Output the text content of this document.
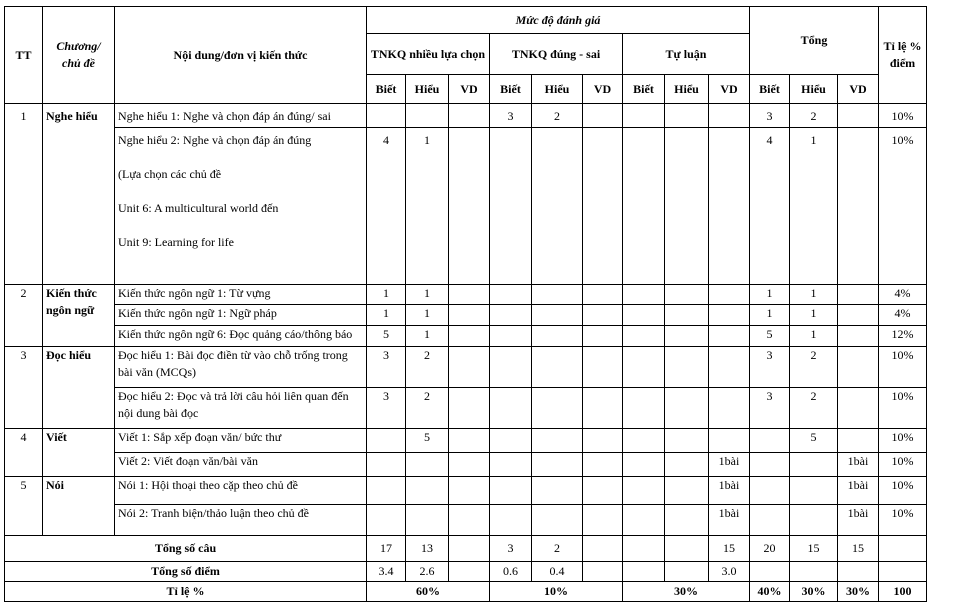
TT	Chương/ chủ đề	Nội dung/đơn vị kiến thức	Mức độ đánh giá									Tổng			Tỉ lệ % điểm
			TNKQ nhiều lựa chọn			TNKQ đúng - sai			Tự luận						
			Biết	Hiểu	VD	Biết	Hiểu	VD	Biết	Hiểu	VD	Biết	Hiểu	VD	
1	Nghe hiểu	Nghe hiểu 1: Nghe và chọn đáp án đúng/ sai				3	2					3	2		10%
		Nghe hiểu 2: Nghe và chọn đáp án đúng
(Lựa chọn các chủ đề
Unit 6: A multicultural world đến
Unit 9: Learning for life	4	1								4	1		10%
2	Kiến thức ngôn ngữ	Kiến thức ngôn ngữ 1: Từ vựng	1	1								1	1		4%
		Kiến thức ngôn ngữ 1: Ngữ pháp	1	1								1	1		4%
		Kiến thức ngôn ngữ 6: Đọc quảng cáo/thông báo	5	1								5	1		12%
3	Đọc hiểu	Đọc hiểu 1: Bài đọc điền từ vào chỗ trống trong bài văn (MCQs)	3	2								3	2		10%
		Đọc hiểu 2: Đọc và trả lời câu hỏi liên quan đến nội dung bài đọc	3	2								3	2		10%
4	Viết	Viết 1: Sắp xếp đoạn văn/ bức thư		5									5		10%
		Viết 2: Viết đoạn văn/bài văn									1bài			1bài	10%
5	Nói	Nói 1: Hội thoại theo cặp theo chủ đề									1bài			1bài	10%
		Nói 2: Tranh biện/thảo luận theo chủ đề									1bài			1bài	10%
Tổng số câu			17	13		3	2				15	20	15	15	
Tổng số điểm			3.4	2.6		0.6	0.4				3.0				
Tỉ lệ %			60%			10%			30%			40%	30%	30%	100
